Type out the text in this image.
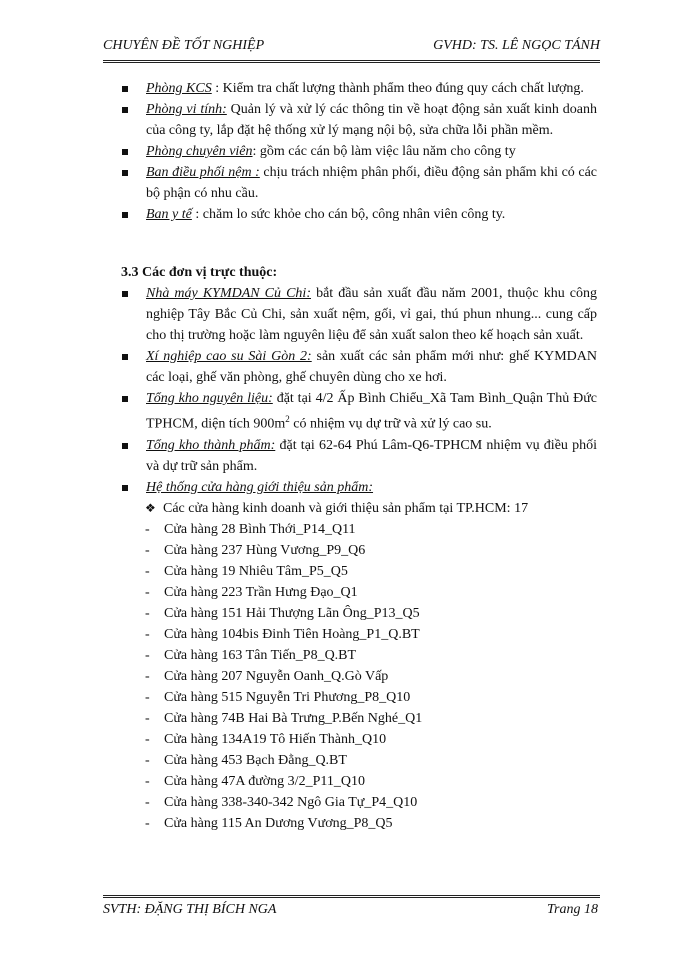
CHUYÊN ĐỀ TỐT NGHIỆP	GVHD: TS. LÊ NGỌC TÁNH
Phòng KCS : Kiểm tra chất lượng thành phẩm theo đúng quy cách chất lượng.
Phòng vi tính: Quản lý và xử lý các thông tin về hoạt động sản xuất kinh doanh của công ty, lắp đặt hệ thống xử lý mạng nội bộ, sửa chữa lỗi phần mềm.
Phòng chuyên viên: gồm các cán bộ làm việc lâu năm cho công ty
Ban điều phối nệm : chịu trách nhiệm phân phối, điều động sản phẩm khi có các bộ phận có nhu cầu.
Ban y tế : chăm lo sức khỏe cho cán bộ, công nhân viên công ty.
3.3 Các đơn vị trực thuộc:
Nhà máy KYMDAN Củ Chi: bắt đầu sản xuất đầu năm 2001, thuộc khu công nghiệp Tây Bắc Củ Chi, sản xuất nệm, gối, vỉ gai, thú phun nhung... cung cấp cho thị trường hoặc làm nguyên liệu để sản xuất salon theo kế hoạch sản xuất.
Xí nghiệp cao su Sài Gòn 2: sản xuất các sản phẩm mới như: ghế KYMDAN các loại, ghế văn phòng, ghế chuyên dùng cho xe hơi.
Tổng kho nguyên liệu: đặt tại 4/2 Ấp Bình Chiểu_Xã Tam Bình_Quận Thủ Đức TPHCM, diện tích $900m^2$ có nhiệm vụ dự trữ và xử lý cao su.
Tổng kho thành phẩm: đặt tại 62-64 Phú Lâm-Q6-TPHCM nhiệm vụ điều phối và dự trữ sản phẩm.
Hệ thống cửa hàng giới thiệu sản phẩm:
❖ Các cửa hàng kinh doanh và giới thiệu sản phẩm tại TP.HCM: 17
- Cửa hàng 28 Bình Thới_P14_Q11
- Cửa hàng 237 Hùng Vương_P9_Q6
- Cửa hàng 19 Nhiêu Tâm_P5_Q5
- Cửa hàng 223 Trần Hưng Đạo_Q1
- Cửa hàng 151 Hải Thượng Lãn Ông_P13_Q5
- Cửa hàng 104bis Đinh Tiên Hoàng_P1_Q.BT
- Cửa hàng 163 Tân Tiến_P8_Q.BT
- Cửa hàng 207 Nguyễn Oanh_Q.Gò Vấp
- Cửa hàng 515 Nguyễn Tri Phương_P8_Q10
- Cửa hàng 74B Hai Bà Trưng_P.Bến Nghé_Q1
- Cửa hàng 134A19 Tô Hiến Thành_Q10
- Cửa hàng 453 Bạch Đằng_Q.BT
- Cửa hàng 47A đường 3/2_P11_Q10
- Cửa hàng 338-340-342 Ngô Gia Tự_P4_Q10
- Cửa hàng 115 An Dương Vương_P8_Q5
SVTH: ĐẶNG THỊ BÍCH NGA	Trang 18
